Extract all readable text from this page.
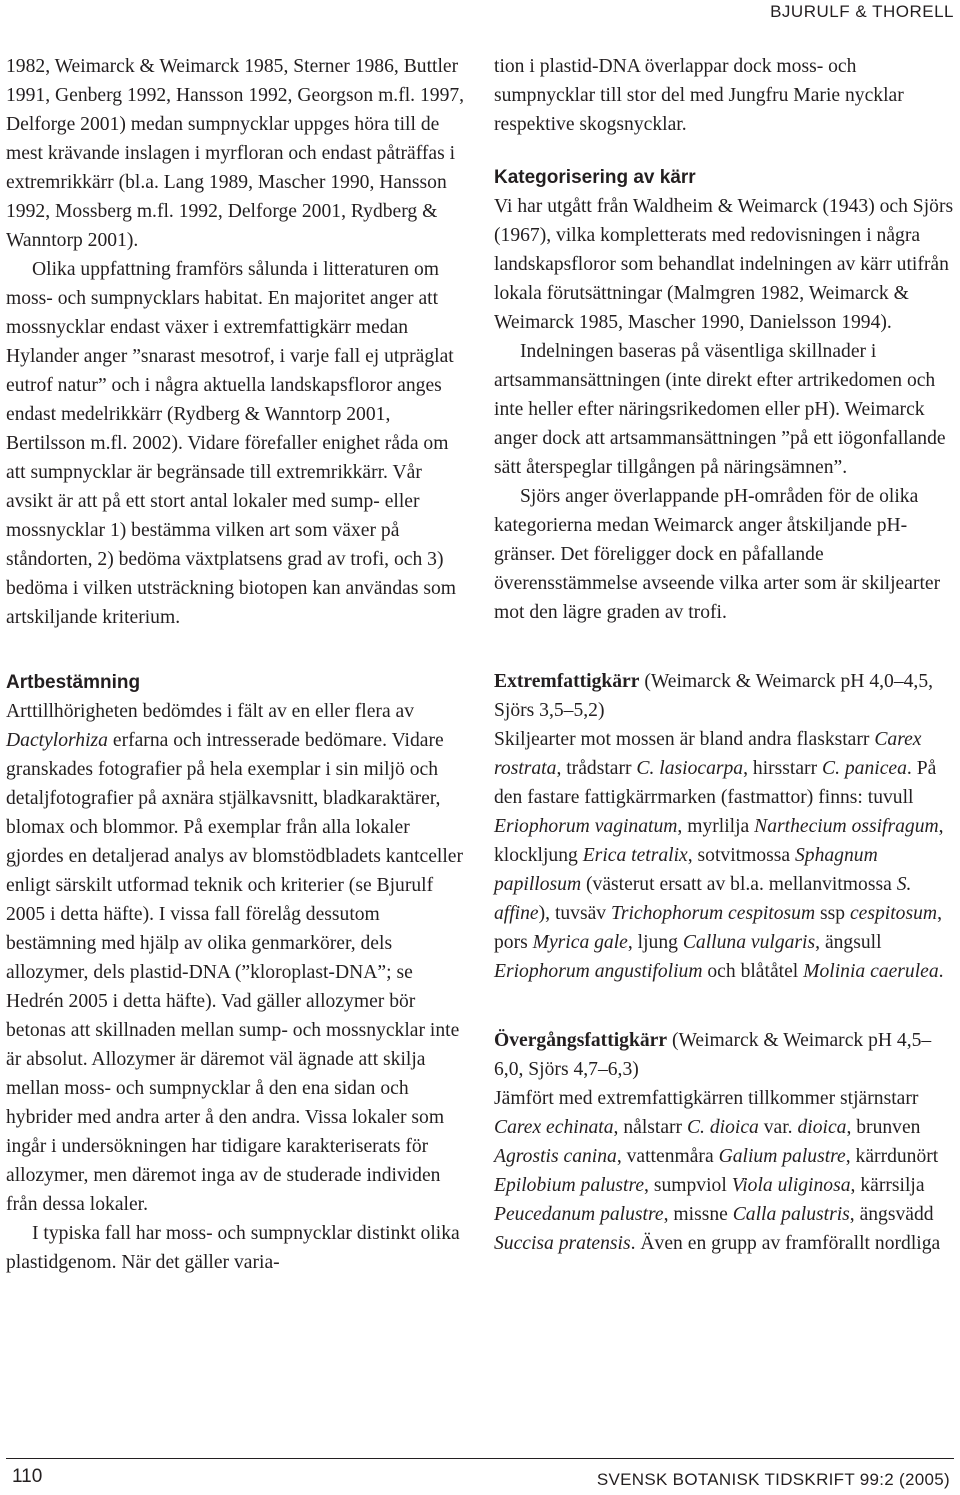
BJURULF & THORELL

1982, Weimarck & Weimarck 1985, Sterner 1986, Buttler 1991, Genberg 1992, Hansson 1992, Georgson m.fl. 1997, Delforge 2001) medan sumpnycklar uppges höra till de mest krävande inslagen i myrfloran och endast påträffas i extremrikkärr (bl.a. Lang 1989, Mascher 1990, Hansson 1992, Mossberg m.fl. 1992, Delforge 2001, Rydberg & Wanntorp 2001).

Olika uppfattning framförs sålunda i litteraturen om moss- och sumpnycklars habitat. En majoritet anger att mossnycklar endast växer i extremfattigkärr medan Hylander anger ”snarast mesotrof, i varje fall ej utpräglat eutrof natur” och i några aktuella landskapsfloror anges endast medelrikkärr (Rydberg & Wanntorp 2001, Bertilsson m.fl. 2002). Vidare förefaller enighet råda om att sumpnycklar är begränsade till extremrikkärr. Vår avsikt är att på ett stort antal lokaler med sump- eller mossnycklar 1) bestämma vilken art som växer på ståndorten, 2) bedöma växtplatsens grad av trofi, och 3) bedöma i vilken utsträckning biotopen kan användas som artskiljande kriterium.

Artbestämning

Arttillhörigheten bedömdes i fält av en eller flera av Dactylorhiza erfarna och intresserade bedömare. Vidare granskades fotografier på hela exemplar i sin miljö och detaljfotografier på axnära stjälkavsnitt, bladkaraktärer, blomax och blommor. På exemplar från alla lokaler gjordes en detaljerad analys av blomstödbladets kantceller enligt särskilt utformad teknik och kriterier (se Bjurulf 2005 i detta häfte). I vissa fall förelåg dessutom bestämning med hjälp av olika genmarkörer, dels allozymer, dels plastid-DNA (”kloroplast-DNA”; se Hedrén 2005 i detta häfte). Vad gäller allozymer bör betonas att skillnaden mellan sump- och mossnycklar inte är absolut. Allozymer är däremot väl ägnade att skilja mellan moss- och sumpnycklar å den ena sidan och hybrider med andra arter å den andra. Vissa lokaler som ingår i undersökningen har tidigare karakteriserats för allozymer, men däremot inga av de studerade individen från dessa lokaler.

I typiska fall har moss- och sumpnycklar distinkt olika plastidgenom. När det gäller varia-

tion i plastid-DNA överlappar dock moss- och sumpnycklar till stor del med Jungfru Marie nycklar respektive skogsnycklar.

Kategorisering av kärr

Vi har utgått från Waldheim & Weimarck (1943) och Sjörs (1967), vilka kompletterats med redovisningen i några landskapsfloror som behandlat indelningen av kärr utifrån lokala förutsättningar (Malmgren 1982, Weimarck & Weimarck 1985, Mascher 1990, Danielsson 1994).

Indelningen baseras på väsentliga skillnader i artsammansättningen (inte direkt efter artrikedomen och inte heller efter näringsrikedomen eller pH). Weimarck anger dock att artsammansättningen ”på ett iögonfallande sätt återspeglar tillgången på näringsämnen”.

Sjörs anger överlappande pH-områden för de olika kategorierna medan Weimarck anger åtskiljande pH-gränser. Det föreligger dock en påfallande överensstämmelse avseende vilka arter som är skiljearter mot den lägre graden av trofi.

Extremfattigkärr (Weimarck & Weimarck pH 4,0–4,5, Sjörs 3,5–5,2)

Skiljearter mot mossen är bland andra flaskstarr Carex rostrata, trådstarr C. lasiocarpa, hirsstarr C. panicea. På den fastare fattigkärrmarken (fastmattor) finns: tuvull Eriophorum vaginatum, myrlilja Narthecium ossifragum, klockljung Erica tetralix, sotvitmossa Sphagnum papillosum (västerut ersatt av bl.a. mellanvitmossa S. affine), tuvsäv Trichophorum cespitosum ssp cespitosum, pors Myrica gale, ljung Calluna vulgaris, ängsull Eriophorum angustifolium och blåtåtel Molinia caerulea.

Övergångsfattigkärr (Weimarck & Weimarck pH 4,5–6,0, Sjörs 4,7–6,3)

Jämfört med extremfattigkärren tillkommer stjärnstarr Carex echinata, nålstarr C. dioica var. dioica, brunven Agrostis canina, vattenmåra Galium palustre, kärrdunört Epilobium palustre, sumpviol Viola uliginosa, kärrsilja Peucedanum palustre, missne Calla palustris, ängsvädd Succisa pratensis. Även en grupp av framförallt nordliga

110	SVENSK BOTANISK TIDSKRIFT 99:2 (2005)
